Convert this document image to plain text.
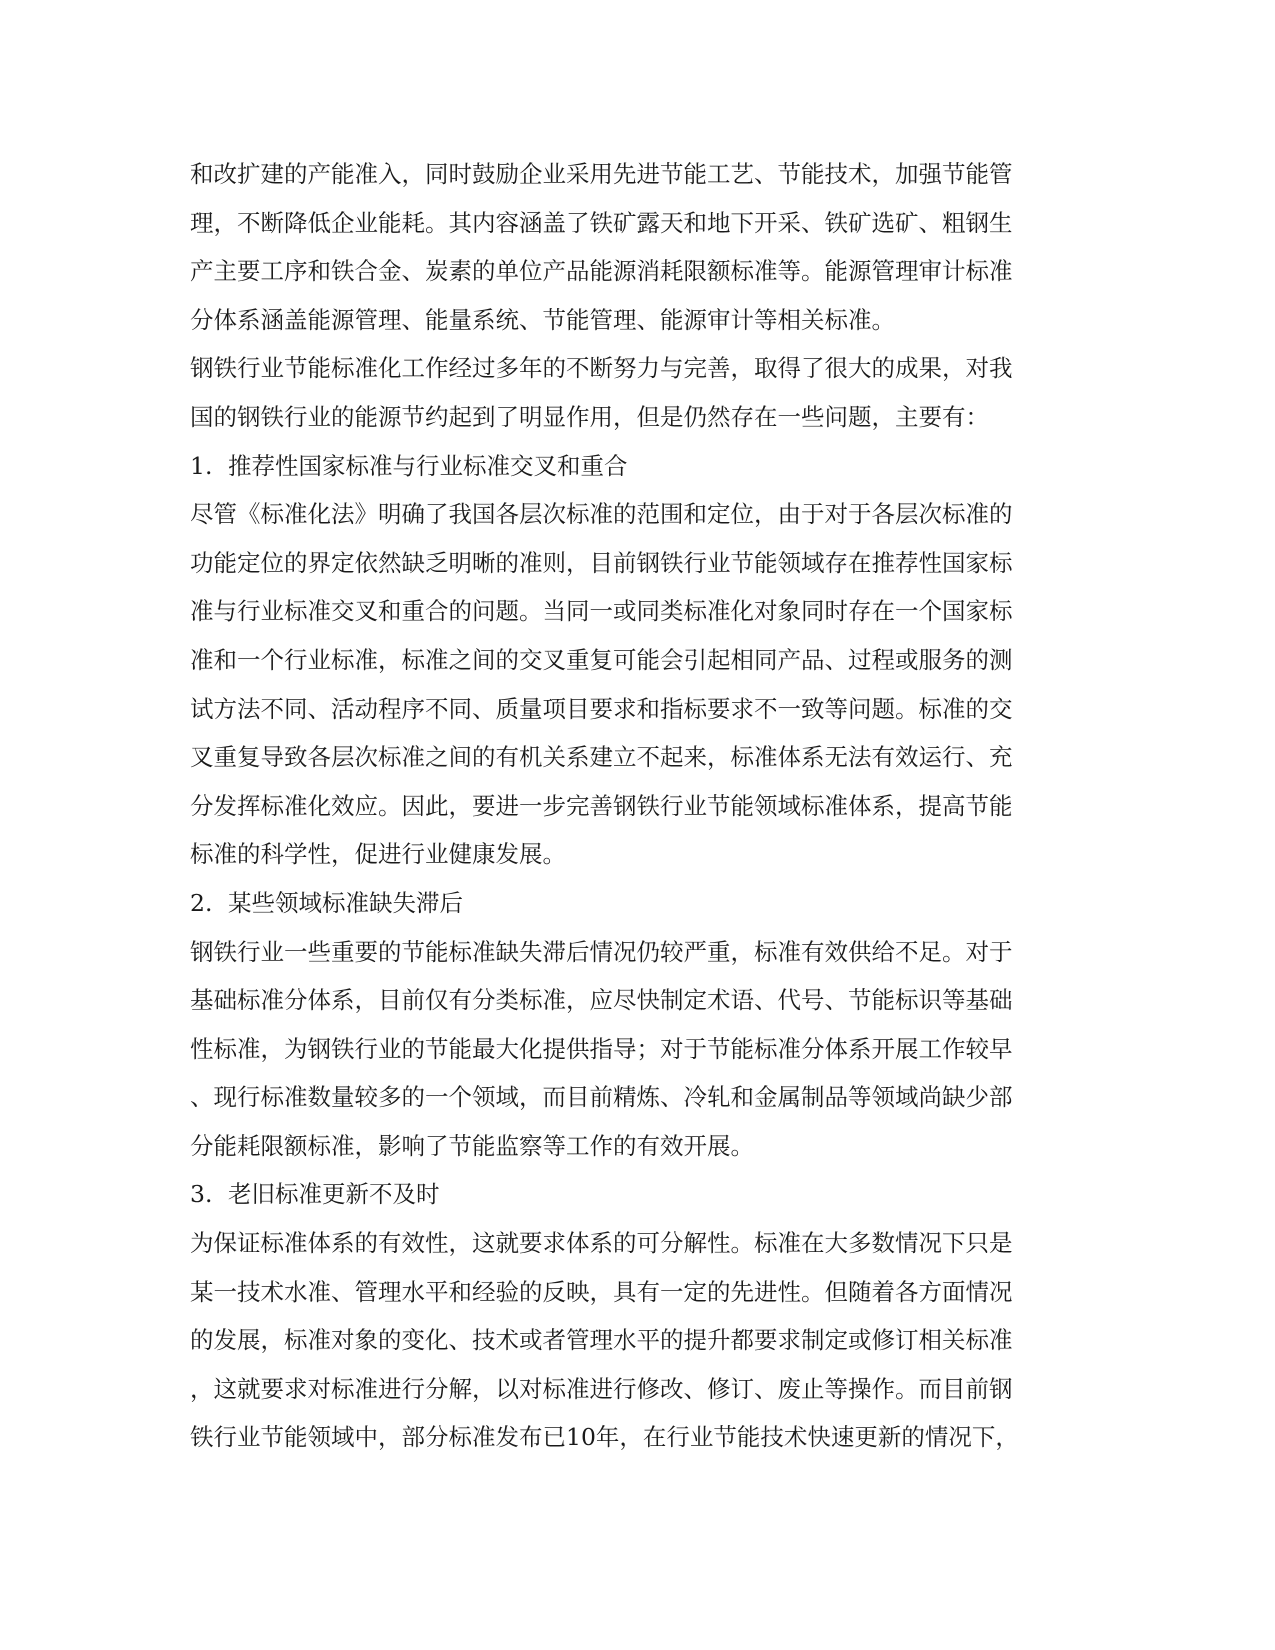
和改扩建的产能准入，同时鼓励企业采用先进节能工艺、节能技术，加强节能管
理，不断降低企业能耗。其内容涵盖了铁矿露天和地下开采、铁矿选矿、粗钢生
产主要工序和铁合金、炭素的单位产品能源消耗限额标准等。能源管理审计标准
分体系涵盖能源管理、能量系统、节能管理、能源审计等相关标准。
钢铁行业节能标准化工作经过多年的不断努力与完善，取得了很大的成果，对我
国的钢铁行业的能源节约起到了明显作用，但是仍然存在一些问题，主要有：
1. 推荐性国家标准与行业标准交叉和重合
尽管《标准化法》明确了我国各层次标准的范围和定位，由于对于各层次标准的
功能定位的界定依然缺乏明晰的准则，目前钢铁行业节能领域存在推荐性国家标
准与行业标准交叉和重合的问题。当同一或同类标准化对象同时存在一个国家标
准和一个行业标准，标准之间的交叉重复可能会引起相同产品、过程或服务的测
试方法不同、活动程序不同、质量项目要求和指标要求不一致等问题。标准的交
叉重复导致各层次标准之间的有机关系建立不起来，标准体系无法有效运行、充
分发挥标准化效应。因此，要进一步完善钢铁行业节能领域标准体系，提高节能
标准的科学性，促进行业健康发展。
2. 某些领域标准缺失滞后
钢铁行业一些重要的节能标准缺失滞后情况仍较严重，标准有效供给不足。对于
基础标准分体系，目前仅有分类标准，应尽快制定术语、代号、节能标识等基础
性标准，为钢铁行业的节能最大化提供指导；对于节能标准分体系开展工作较早
、现行标准数量较多的一个领域，而目前精炼、冷轧和金属制品等领域尚缺少部
分能耗限额标准，影响了节能监察等工作的有效开展。
3. 老旧标准更新不及时
为保证标准体系的有效性，这就要求体系的可分解性。标准在大多数情况下只是
某一技术水准、管理水平和经验的反映，具有一定的先进性。但随着各方面情况
的发展，标准对象的变化、技术或者管理水平的提升都要求制定或修订相关标准
，这就要求对标准进行分解，以对标准进行修改、修订、废止等操作。而目前钢
铁行业节能领域中，部分标准发布已10年，在行业节能技术快速更新的情况下，
